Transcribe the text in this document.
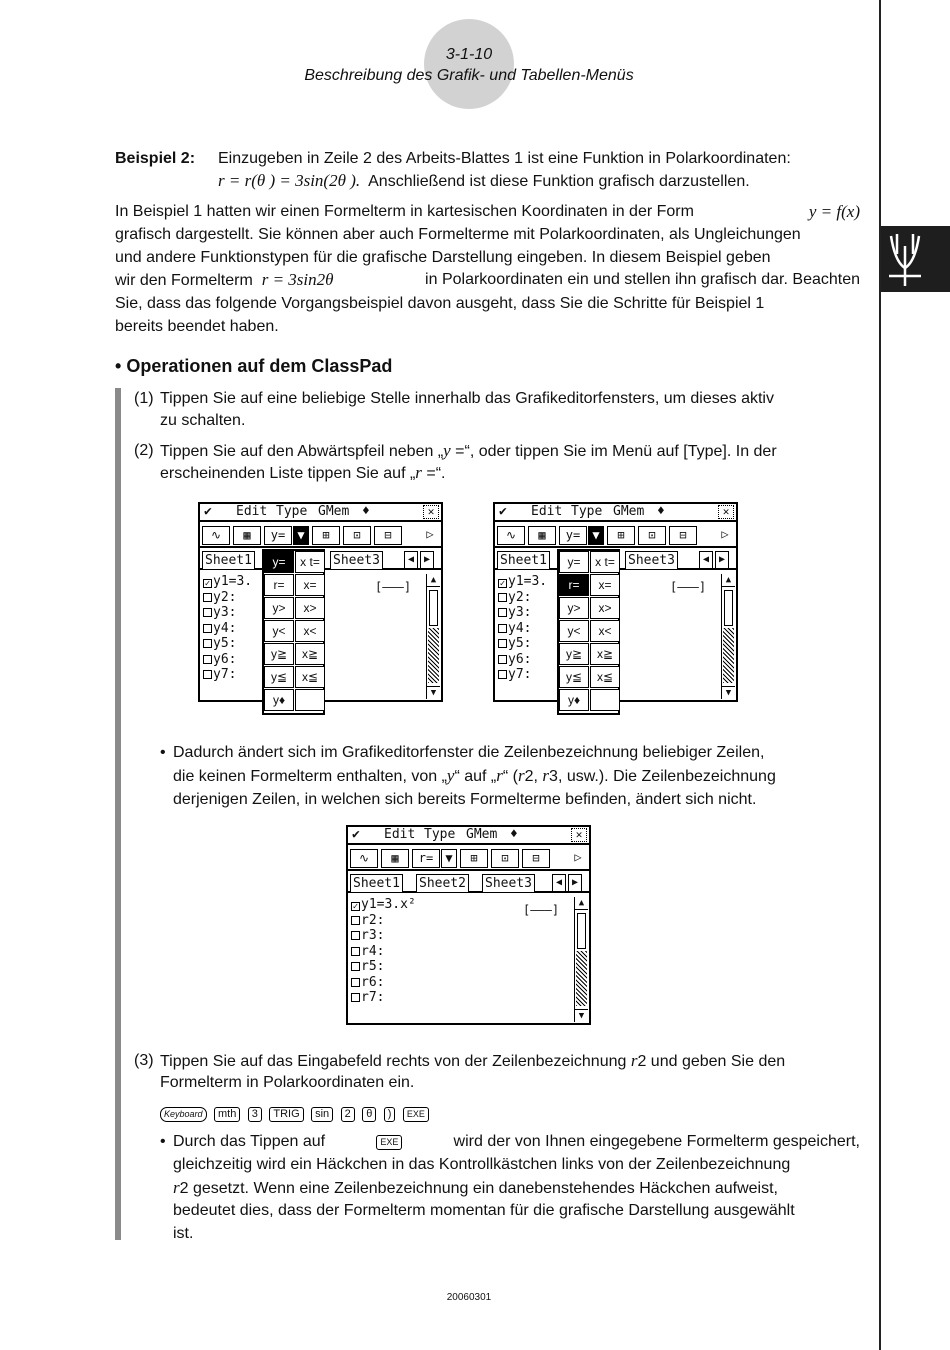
3-1-10
Beschreibung des Grafik- und Tabellen-Menüs
Beispiel 2: Einzugeben in Zeile 2 des Arbeits-Blattes 1 ist eine Funktion in Polarkoordinaten:
r = r(θ ) = 3sin(2θ ). Anschließend ist diese Funktion grafisch darzustellen.
In Beispiel 1 hatten wir einen Formelterm in kartesischen Koordinaten in der Form	y = f(x)
grafisch dargestellt. Sie können aber auch Formelterme mit Polarkoordinaten, als Ungleichungen
und andere Funktionstypen für die grafische Darstellung eingeben. In diesem Beispiel geben
wir den Formelterm r = 3sin2θ	in Polarkoordinaten ein und stellen ihn grafisch dar. Beachten
Sie, dass das folgende Vorgangsbeispiel davon ausgeht, dass Sie die Schritte für Beispiel 1
bereits beendet haben.
• Operationen auf dem ClassPad
(1) Tippen Sie auf eine beliebige Stelle innerhalb das Grafikeditorfensters, um dieses aktiv
zu schalten.
(2) Tippen Sie auf den Abwärtspfeil neben „y =“, oder tippen Sie im Menü auf [Type]. In der
erscheinenden Liste tippen Sie auf „r =“.
✔ Edit Type GMem ♦	✕
∿	▦	y=	▼	⊞	⊡	⊟	▷
Sheet1	Sheet3	◀ ▶
✓ y1=3.
y2:
y3:
y4:
y5:
y6:
y7:
[———]	▲
▼
y=
r=
y>
y<
y≧
y≦
y♦
x t=
x=
x>
x<
x≧
x≦
✔ Edit Type GMem ♦	✕
∿	▦	y=	▼	⊞	⊡	⊟	▷
Sheet1	Sheet3	◀ ▶
✓ y1=3.
y2:
y3:
y4:
y5:
y6:
y7:
[———]	▲
▼
y=
r=
y>
y<
y≧
y≦
y♦
x t=
x=
x>
x<
x≧
x≦
• Dadurch ändert sich im Grafikeditorfenster die Zeilenbezeichnung beliebiger Zeilen,
die keinen Formelterm enthalten, von „y“ auf „r“ (r2, r3, usw.). Die Zeilenbezeichnung
derjenigen Zeilen, in welchen sich bereits Formelterme befinden, ändert sich nicht.
✔ Edit Type GMem ♦	✕
∿	▦	r=	▼	⊞	⊡	⊟	▷
Sheet1 Sheet2 Sheet3	◀ ▶
✓ y1=3.x²
r2:
r3:
r4:
r5:
r6:
r7:
[———]	▲
▼
(3) Tippen Sie auf das Eingabefeld rechts von der Zeilenbezeichnung r2 und geben Sie den
Formelterm in Polarkoordinaten ein.
Keyboard mth 3 TRIG sin 2 θ ) EXE
• Durch das Tippen auf	EXE	wird der von Ihnen eingegebene Formelterm gespeichert,
gleichzeitig wird ein Häckchen in das Kontrollkästchen links von der Zeilenbezeichnung
r2 gesetzt. Wenn eine Zeilenbezeichnung ein danebenstehendes Häckchen aufweist,
bedeutet dies, dass der Formelterm momentan für die grafische Darstellung ausgewählt
ist.
20060301
